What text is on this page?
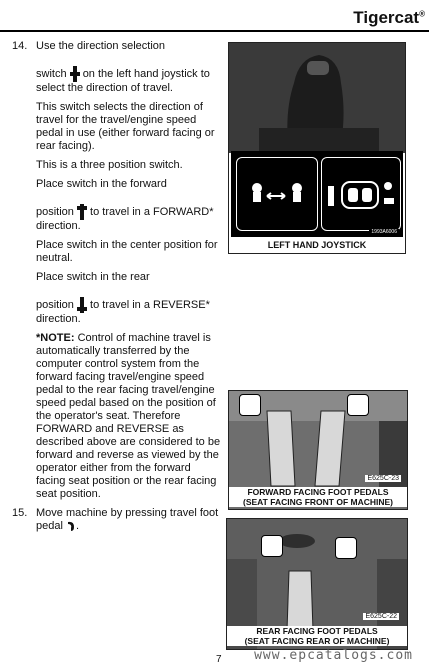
Tigercat®

14. Use the direction selection

switch on the left hand joystick to select the direction of travel.

This switch selects the direction of travel for the travel/engine speed pedal in use (either forward facing or rear facing).

This is a three position switch.

Place switch in the forward

position to travel in a FORWARD* direction.

Place switch in the center position for neutral.

Place switch in the rear

position to travel in a REVERSE* direction.

*NOTE: Control of machine travel is automatically transferred by the computer control system from the forward facing travel/engine speed pedal to the rear facing travel/engine speed pedal based on the position of the operator's seat. Therefore FORWARD and REVERSE as described above are considered to be forward and reverse as viewed by the operator either from the forward facing seat position or the rear facing seat position.

15. Move machine by pressing travel foot pedal .

1993A6006
LEFT HAND JOYSTICK
E625C-23
FORWARD FACING FOOT PEDALS
(SEAT FACING FRONT OF MACHINE)
E625C-22
REAR FACING FOOT PEDALS
(SEAT FACING REAR OF MACHINE)
7	www.epcatalogs.com
